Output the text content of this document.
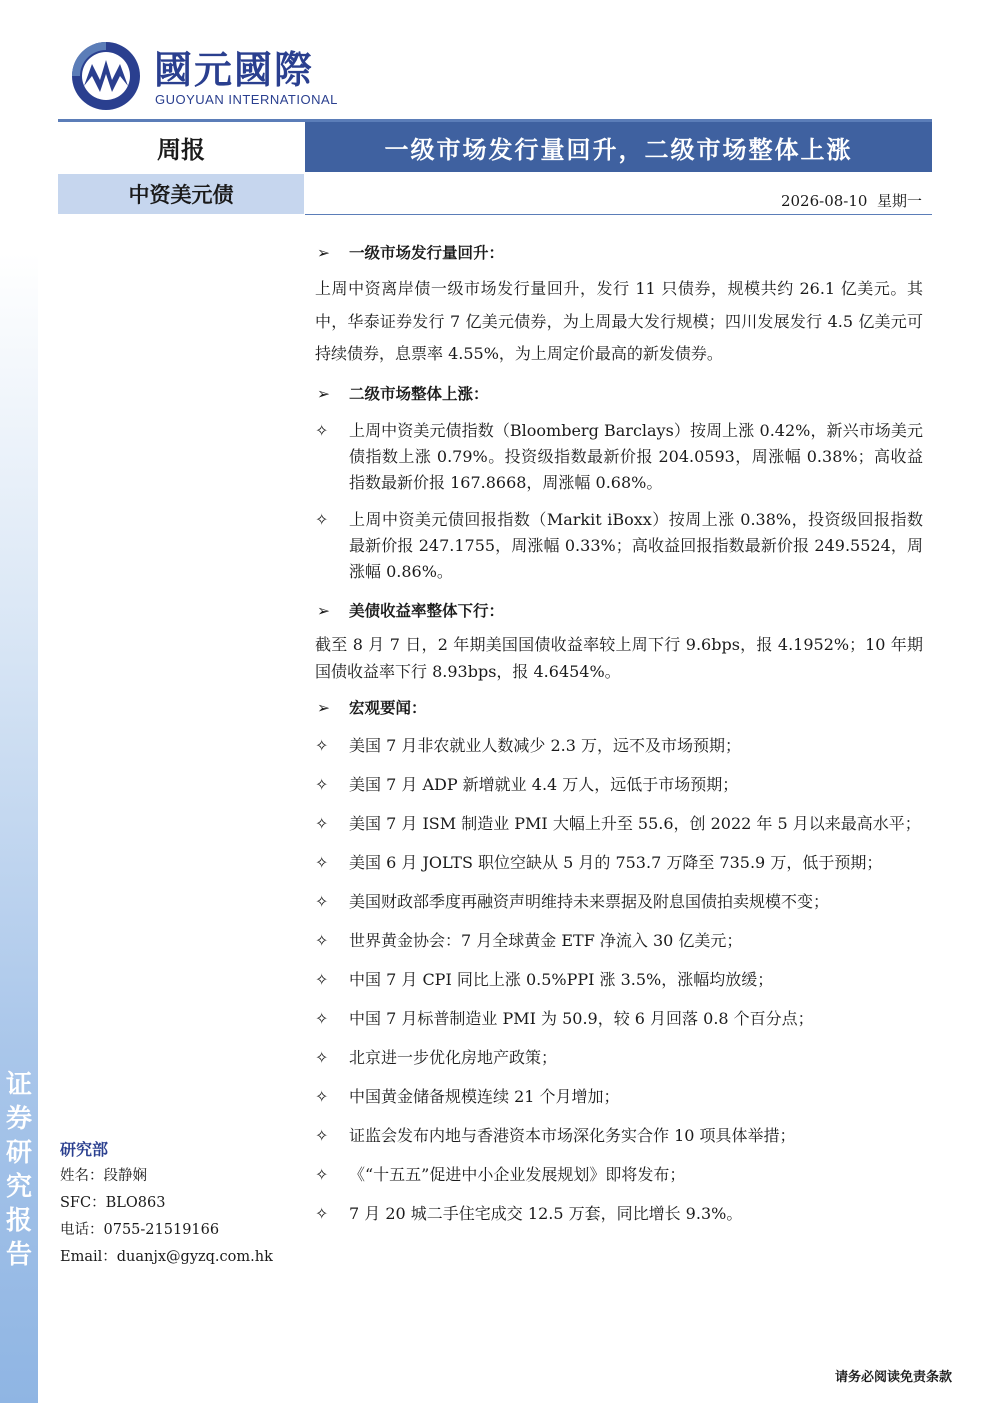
证
券
研
究
报
告
國元國際
GUOYUAN INTERNATIONAL
周报	一级市场发行量回升，二级市场整体上涨
中资美元债	2026-08-10 星期一
➢ 一级市场发行量回升：
上周中资离岸债一级市场发行量回升，发行 11 只债券，规模共约 26.1 亿美元。其中，华泰证券发行 7 亿美元债券，为上周最大发行规模；四川发展发行 4.5 亿美元可持续债券，息票率 4.55%，为上周定价最高的新发债券。
➢ 二级市场整体上涨：
✧ 上周中资美元债指数（Bloomberg Barclays）按周上涨 0.42%，新兴市场美元债指数上涨 0.79%。投资级指数最新价报 204.0593，周涨幅 0.38%；高收益指数最新价报 167.8668，周涨幅 0.68%。
✧ 上周中资美元债回报指数（Markit iBoxx）按周上涨 0.38%，投资级回报指数最新价报 247.1755，周涨幅 0.33%；高收益回报指数最新价报 249.5524，周涨幅 0.86%。
➢ 美债收益率整体下行：
截至 8 月 7 日，2 年期美国国债收益率较上周下行 9.6bps，报 4.1952%；10 年期国债收益率下行 8.93bps，报 4.6454%。
➢ 宏观要闻：
✧ 美国 7 月非农就业人数减少 2.3 万，远不及市场预期；
✧ 美国 7 月 ADP 新增就业 4.4 万人，远低于市场预期；
✧ 美国 7 月 ISM 制造业 PMI 大幅上升至 55.6，创 2022 年 5 月以来最高水平；
✧ 美国 6 月 JOLTS 职位空缺从 5 月的 753.7 万降至 735.9 万，低于预期；
✧ 美国财政部季度再融资声明维持未来票据及附息国债拍卖规模不变；
✧ 世界黄金协会：7 月全球黄金 ETF 净流入 30 亿美元；
✧ 中国 7 月 CPI 同比上涨 0.5%PPI 涨 3.5%，涨幅均放缓；
✧ 中国 7 月标普制造业 PMI 为 50.9，较 6 月回落 0.8 个百分点；
✧ 北京进一步优化房地产政策；
✧ 中国黄金储备规模连续 21 个月增加；
✧ 证监会发布内地与香港资本市场深化务实合作 10 项具体举措；
✧ 《“十五五”促进中小企业发展规划》即将发布；
✧ 7 月 20 城二手住宅成交 12.5 万套，同比增长 9.3%。
研究部
姓名：段静娴
SFC：BLO863
电话：0755-21519166
Email：duanjx@gyzq.com.hk
请务必阅读免责条款
